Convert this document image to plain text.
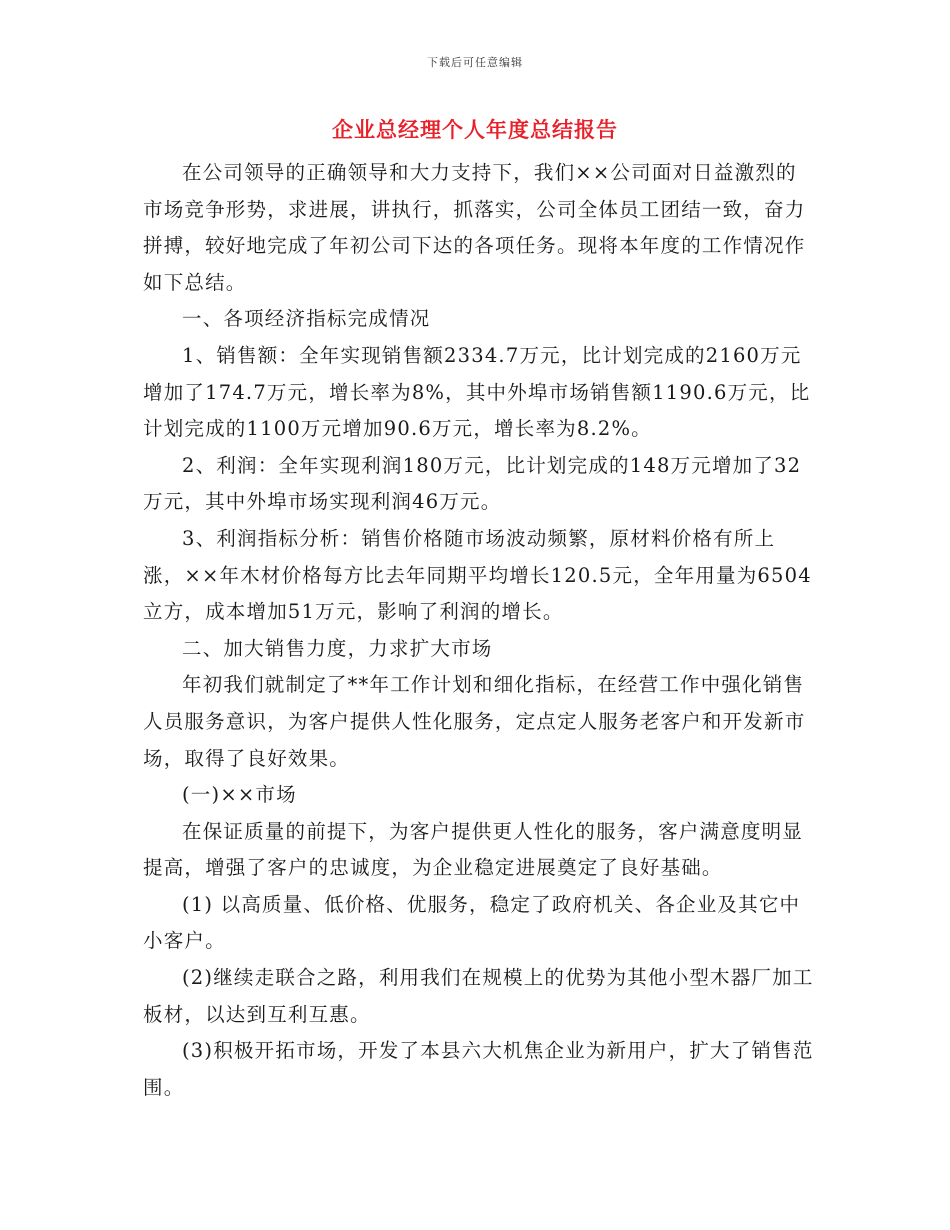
下载后可任意编辑
企业总经理个人年度总结报告

在公司领导的正确领导和大力支持下，我们××公司面对日益激烈的市场竞争形势，求进展，讲执行，抓落实，公司全体员工团结一致，奋力拼搏，较好地完成了年初公司下达的各项任务。现将本年度的工作情况作如下总结。

一、各项经济指标完成情况

1、销售额：全年实现销售额2334.7万元，比计划完成的2160万元增加了174.7万元，增长率为8%，其中外埠市场销售额1190.6万元，比计划完成的1100万元增加90.6万元，增长率为8.2%。

2、利润：全年实现利润180万元，比计划完成的148万元增加了32万元，其中外埠市场实现利润46万元。

3、利润指标分析：销售价格随市场波动频繁，原材料价格有所上涨，××年木材价格每方比去年同期平均增长120.5元，全年用量为6504立方，成本增加51万元，影响了利润的增长。

二、加大销售力度，力求扩大市场

年初我们就制定了**年工作计划和细化指标，在经营工作中强化销售人员服务意识，为客户提供人性化服务，定点定人服务老客户和开发新市场，取得了良好效果。

(一)××市场

在保证质量的前提下，为客户提供更人性化的服务，客户满意度明显提高，增强了客户的忠诚度，为企业稳定进展奠定了良好基础。

(1) 以高质量、低价格、优服务，稳定了政府机关、各企业及其它中小客户。

(2)继续走联合之路，利用我们在规模上的优势为其他小型木器厂加工板材，以达到互利互惠。

(3)积极开拓市场，开发了本县六大机焦企业为新用户，扩大了销售范围。
